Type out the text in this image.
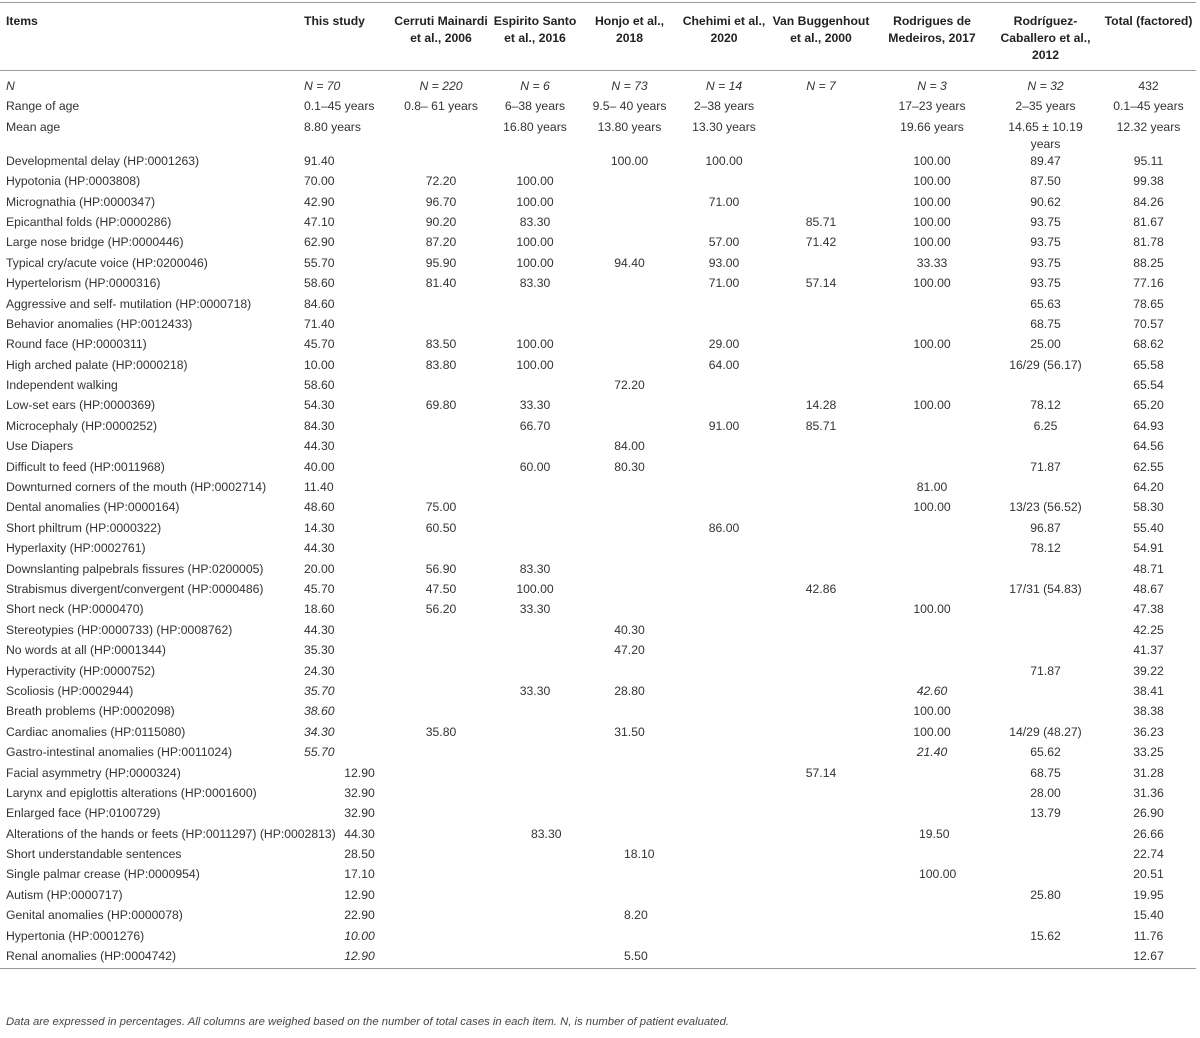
Items	This study	Cerruti Mainardi et al., 2006	Espirito Santo et al., 2016	Honjo et al., 2018	Chehimi et al., 2020	Van Buggenhout et al., 2000	Rodrigues de Medeiros, 2017	Rodríguez-Caballero et al., 2012	Total (factored)
N	N = 70	N = 220	N = 6	N = 73	N = 14	N = 7	N = 3	N = 32	432
Range of age	0.1–45 years	0.8– 61 years	6–38 years	9.5– 40 years	2–38 years		17–23 years	2–35 years	0.1–45 years
Mean age	8.80 years		16.80 years	13.80 years	13.30 years		19.66 years	14.65 ± 10.19 years	12.32 years
Developmental delay (HP:0001263)	91.40			100.00	100.00		100.00	89.47	95.11
Hypotonia (HP:0003808)	70.00	72.20	100.00				100.00	87.50	99.38
Micrognathia (HP:0000347)	42.90	96.70	100.00		71.00		100.00	90.62	84.26
Epicanthal folds (HP:0000286)	47.10	90.20	83.30			85.71	100.00	93.75	81.67
Large nose bridge (HP:0000446)	62.90	87.20	100.00		57.00	71.42	100.00	93.75	81.78
Typical cry/acute voice (HP:0200046)	55.70	95.90	100.00	94.40	93.00		33.33	93.75	88.25
Hypertelorism (HP:0000316)	58.60	81.40	83.30		71.00	57.14	100.00	93.75	77.16
Aggressive and self- mutilation (HP:0000718)	84.60							65.63	78.65
Behavior anomalies (HP:0012433)	71.40							68.75	70.57
Round face (HP:0000311)	45.70	83.50	100.00		29.00		100.00	25.00	68.62
High arched palate (HP:0000218)	10.00	83.80	100.00		64.00			16/29 (56.17)	65.58
Independent walking	58.60			72.20					65.54
Low-set ears (HP:0000369)	54.30	69.80	33.30			14.28	100.00	78.12	65.20
Microcephaly (HP:0000252)	84.30		66.70		91.00	85.71		6.25	64.93
Use Diapers	44.30			84.00					64.56
Difficult to feed (HP:0011968)	40.00		60.00	80.30				71.87	62.55
Downturned corners of the mouth (HP:0002714)	11.40						81.00		64.20
Dental anomalies (HP:0000164)	48.60	75.00					100.00	13/23 (56.52)	58.30
Short philtrum (HP:0000322)	14.30	60.50			86.00			96.87	55.40
Hyperlaxity (HP:0002761)	44.30							78.12	54.91
Downslanting palpebrals fissures (HP:0200005)	20.00	56.90	83.30						48.71
Strabismus divergent/convergent (HP:0000486)	45.70	47.50	100.00			42.86		17/31 (54.83)	48.67
Short neck (HP:0000470)	18.60	56.20	33.30				100.00		47.38
Stereotypies (HP:0000733) (HP:0008762)	44.30			40.30					42.25
No words at all (HP:0001344)	35.30			47.20					41.37
Hyperactivity (HP:0000752)	24.30							71.87	39.22
Scoliosis (HP:0002944)	35.70		33.30	28.80			42.60		38.41
Breath problems (HP:0002098)	38.60						100.00		38.38
Cardiac anomalies (HP:0115080)	34.30	35.80		31.50			100.00	14/29 (48.27)	36.23
Gastro-intestinal anomalies (HP:0011024)	55.70						21.40	65.62	33.25
Facial asymmetry (HP:0000324)	12.90					57.14		68.75	31.28
Larynx and epiglottis alterations (HP:0001600)	32.90							28.00	31.36
Enlarged face (HP:0100729)	32.90							13.79	26.90
Alterations of the hands or feets (HP:0011297) (HP:0002813)	44.30		83.30				19.50		26.66
Short understandable sentences	28.50			18.10					22.74
Single palmar crease (HP:0000954)	17.10						100.00		20.51
Autism (HP:0000717)	12.90							25.80	19.95
Genital anomalies (HP:0000078)	22.90			8.20					15.40
Hypertonia (HP:0001276)	10.00							15.62	11.76
Renal anomalies (HP:0004742)	12.90			5.50					12.67
Data are expressed in percentages. All columns are weighed based on the number of total cases in each item. N, is number of patient evaluated.
